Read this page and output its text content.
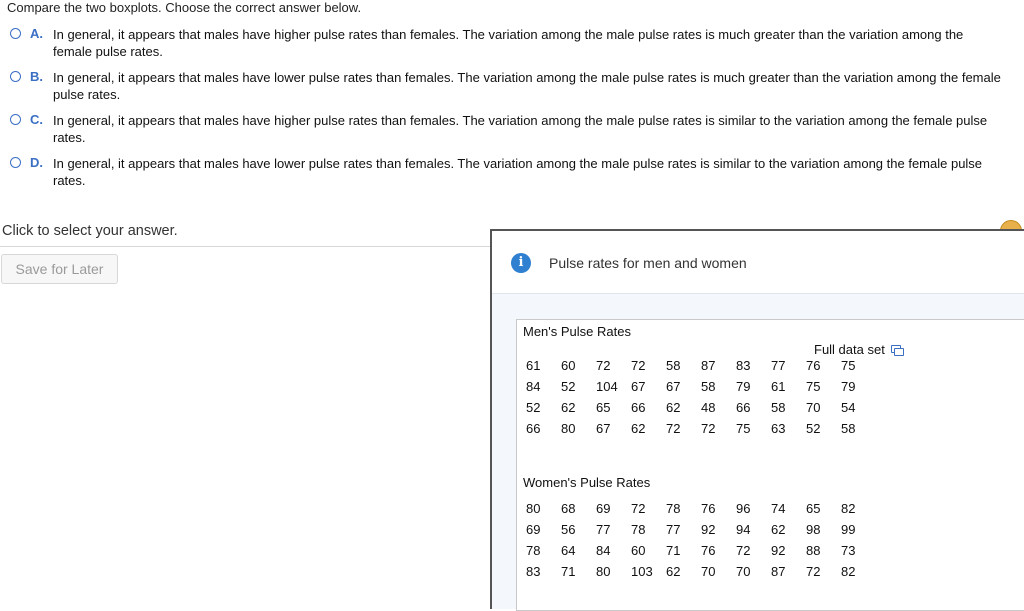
Compare the two boxplots. Choose the correct answer below.
A. In general, it appears that males have higher pulse rates than females. The variation among the male pulse rates is much greater than the variation among the female pulse rates.
B. In general, it appears that males have lower pulse rates than females. The variation among the male pulse rates is much greater than the variation among the female pulse rates.
C. In general, it appears that males have higher pulse rates than females. The variation among the male pulse rates is similar to the variation among the female pulse rates.
D. In general, it appears that males have lower pulse rates than females. The variation among the male pulse rates is similar to the variation among the female pulse rates.
Click to select your answer.
Save for Later	i	Pulse rates for men and women
Men's Pulse Rates
Full data set
61	60	72	72	58	87	83	77	76	75
84	52	104	67	67	58	79	61	75	79
52	62	65	66	62	48	66	58	70	54
66	80	67	62	72	72	75	63	52	58
Women's Pulse Rates
80	68	69	72	78	76	96	74	65	82
69	56	77	78	77	92	94	62	98	99
78	64	84	60	71	76	72	92	88	73
83	71	80	103	62	70	70	87	72	82
